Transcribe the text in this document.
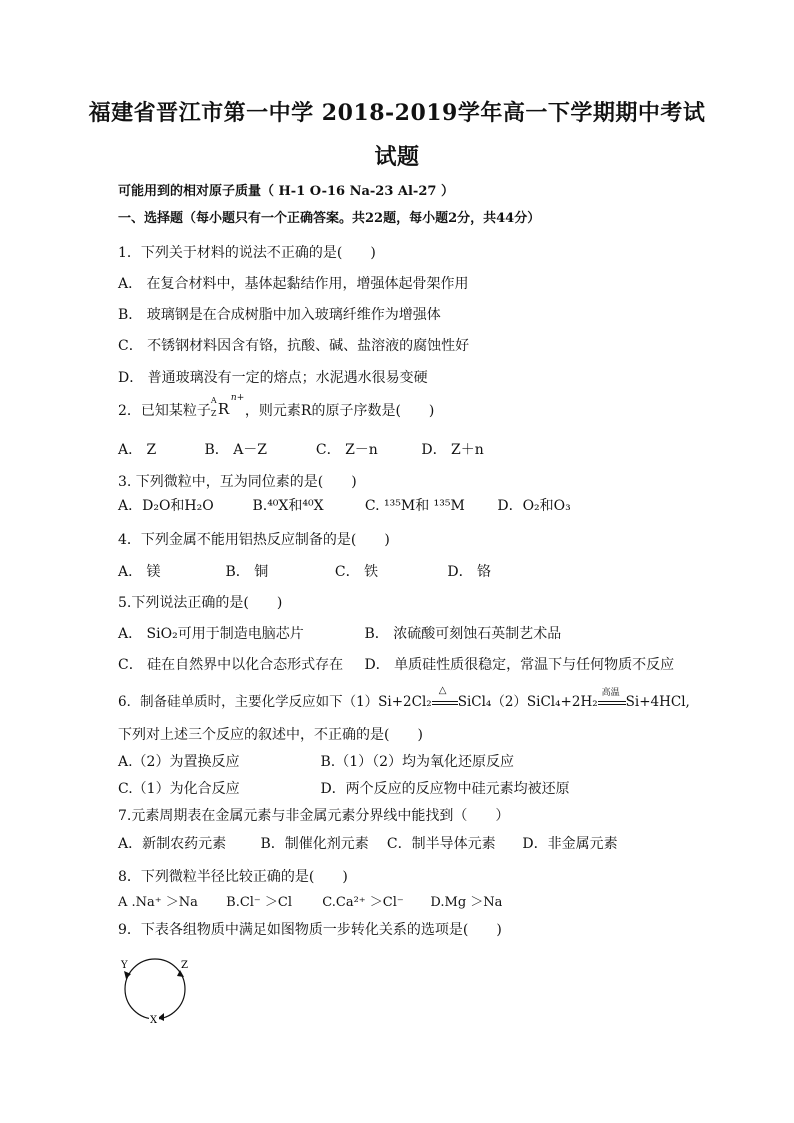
福建省晋江市第一中学 2018-2019学年高一下学期期中考试
试题
可能用到的相对原子质量（ H-1 O-16 Na-23 Al-27 ）
一、选择题（每小题只有一个正确答案。共22题，每小题2分，共44分）
1．下列关于材料的说法不正确的是(　　)
A． 在复合材料中，基体起黏结作用，增强体起骨架作用
B． 玻璃钢是在合成树脂中加入玻璃纤维作为增强体
C． 不锈钢材料因含有铬，抗酸、碱、盐溶液的腐蚀性好
D． 普通玻璃没有一定的熔点；水泥遇水很易变硬
2．已知某粒子
A
Z R
n+
，则元素R的原子序数是(　　)
A． Z	B． A－Z	C． Z－n	D． Z＋n
3. 下列微粒中，互为同位素的是(　　)
A．D₂O和H₂O	B.⁴⁰X和⁴⁰X	C. ¹³⁵M和 ¹³⁵M D．O₂和O₃
4．下列金属不能用铝热反应制备的是(　　)
A． 镁	B． 铜	C． 铁	D． 铬
5.下列说法正确的是(　　)
A． SiO₂可用于制造电脑芯片	B． 浓硫酸可刻蚀石英制艺术品
C． 硅在自然界中以化合态形式存在 D． 单质硅性质很稳定，常温下与任何物质不反应
6．制备硅单质时，主要化学反应如下（1）Si+2Cl₂
△
SiCl₄（2）SiCl₄+2H₂
高温
Si+4HCl,
下列对上述三个反应的叙述中，不正确的是(　　)
A.（2）为置换反应	B.（1）（2）均为氧化还原反应
C.（1）为化合反应	D．两个反应的反应物中硅元素均被还原
7.元素周期表在金属元素与非金属元素分界线中能找到（　　）
A．新制农药元素 B．制催化剂元素 C．制半导体元素 D．非金属元素
8．下列微粒半径比较正确的是(　　)
A .Na⁺ ＞Na B.Cl⁻ ＞Cl C.Ca²⁺ ＞Cl⁻ D.Mg ＞Na
9．下表各组物质中满足如图物质一步转化关系的选项是(　　)
Y	Z
X
